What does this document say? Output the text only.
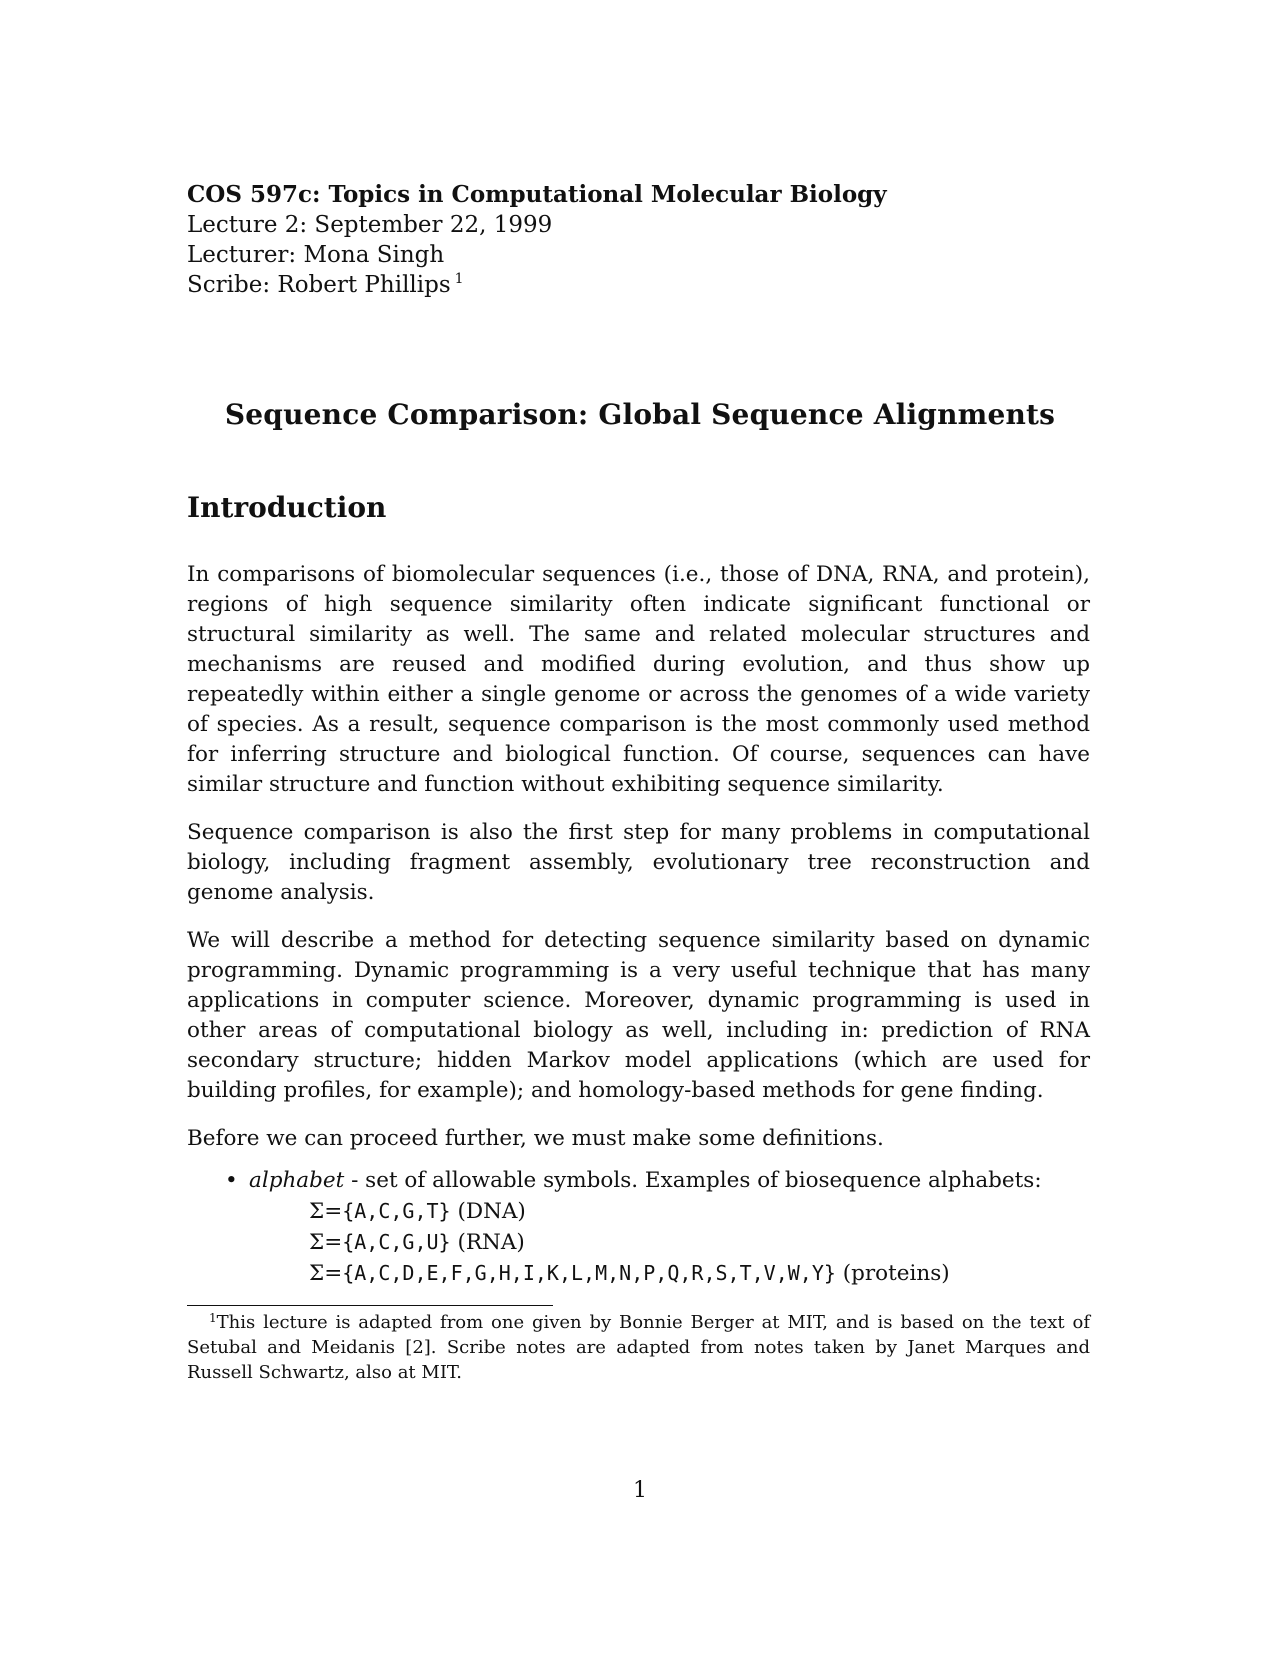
COS 597c: Topics in Computational Molecular Biology
Lecture 2: September 22, 1999
Lecturer: Mona Singh
Scribe: Robert Phillips $^1$
Sequence Comparison: Global Sequence Alignments
Introduction

In comparisons of biomolecular sequences (i.e., those of DNA, RNA, and protein), regions of high sequence similarity often indicate significant functional or structural similarity as well. The same and related molecular structures and mechanisms are reused and modified during evolution, and thus show up repeatedly within either a single genome or across the genomes of a wide variety of species. As a result, sequence comparison is the most commonly used method for inferring structure and biological function. Of course, sequences can have similar structure and function without exhibiting sequence similarity.

Sequence comparison is also the first step for many problems in computational biology, including fragment assembly, evolutionary tree reconstruction and genome analysis.

We will describe a method for detecting sequence similarity based on dynamic programming. Dynamic programming is a very useful technique that has many applications in computer science. Moreover, dynamic programming is used in other areas of computational biology as well, including in: prediction of RNA secondary structure; hidden Markov model applications (which are used for building profiles, for example); and homology-based methods for gene finding.

Before we can proceed further, we must make some definitions.

• alphabet - set of allowable symbols. Examples of biosequence alphabets:
Σ={A,C,G,T} (DNA)
Σ={A,C,G,U} (RNA)
Σ={A,C,D,E,F,G,H,I,K,L,M,N,P,Q,R,S,T,V,W,Y} (proteins)
$^1$This lecture is adapted from one given by Bonnie Berger at MIT, and is based on the text of Setubal and Meidanis [2]. Scribe notes are adapted from notes taken by Janet Marques and Russell Schwartz, also at MIT.
1
